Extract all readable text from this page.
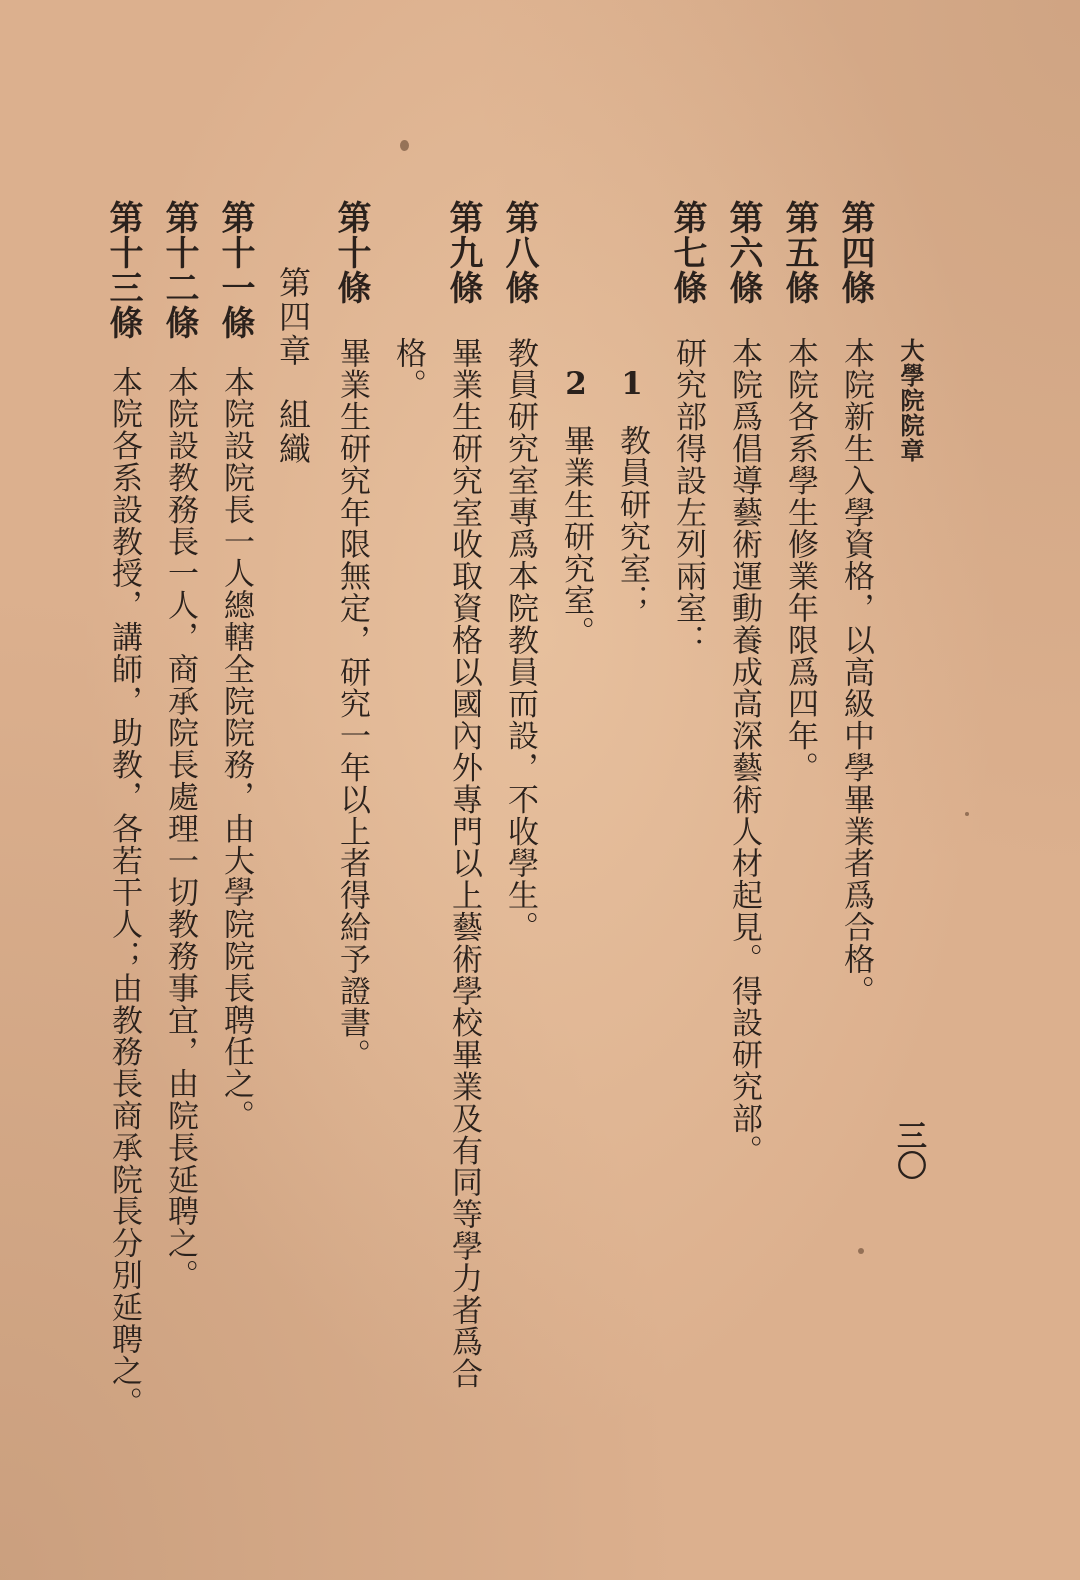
大學院院章
三〇
第四條
本院新生入學資格，以高級中學畢業者爲合格。
第五條
本院各系學生修業年限爲四年。
第六條
本院爲倡導藝術運動養成高深藝術人材起見。得設研究部。
第七條
研究部得設左列兩室：
1教員研究室；
2畢業生研究室。
第八條
教員研究室專爲本院教員而設，不收學生。
第九條
畢業生研究室收取資格以國內外專門以上藝術學校畢業及有同等學力者爲合
格。
第十條
畢業生研究年限無定，研究一年以上者得給予證書。
第四章組織
第十一條
本院設院長一人總轄全院院務，由大學院院長聘任之。
第十二條
本院設教務長一人，商承院長處理一切教務事宜，由院長延聘之。
第十三條
本院各系設教授，講師，助教，各若干人；由教務長商承院長分別延聘之。
